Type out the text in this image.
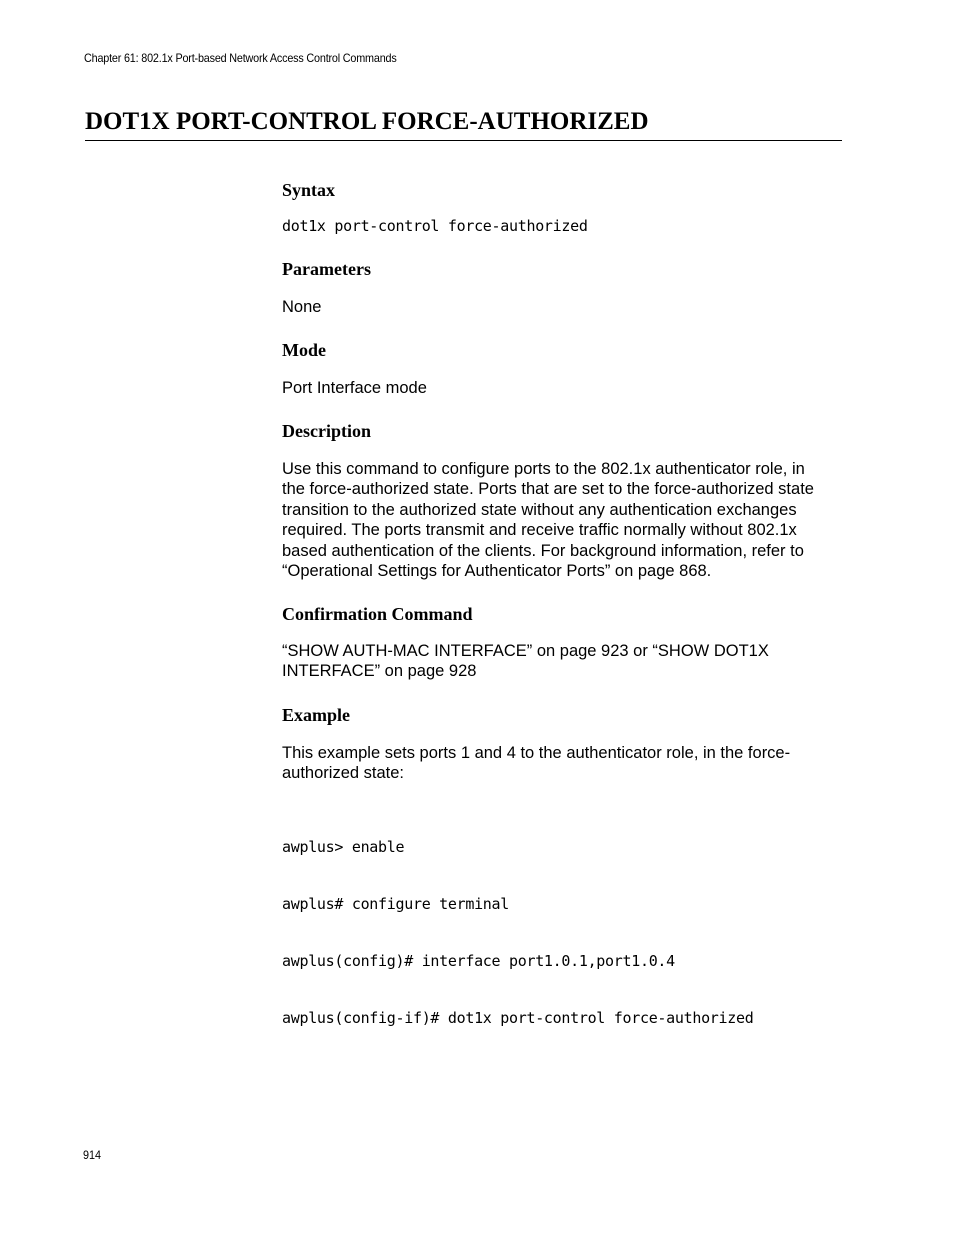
Chapter 61: 802.1x Port-based Network Access Control Commands
DOT1X PORT-CONTROL FORCE-AUTHORIZED
Syntax
dot1x port-control force-authorized
Parameters

None

Mode

Port Interface mode

Description
Use this command to configure ports to the 802.1x authenticator role, in
the force-authorized state. Ports that are set to the force-authorized state
transition to the authorized state without any authentication exchanges
required. The ports transmit and receive traffic normally without 802.1x
based authentication of the clients. For background information, refer to
“Operational Settings for Authenticator Ports” on page 868.
Confirmation Command
“SHOW AUTH-MAC INTERFACE” on page 923 or “SHOW DOT1X
INTERFACE” on page 928
Example
This example sets ports 1 and 4 to the authenticator role, in the force-
authorized state:

awplus> enable

awplus# configure terminal

awplus(config)# interface port1.0.1,port1.0.4

awplus(config-if)# dot1x port-control force-authorized

914
